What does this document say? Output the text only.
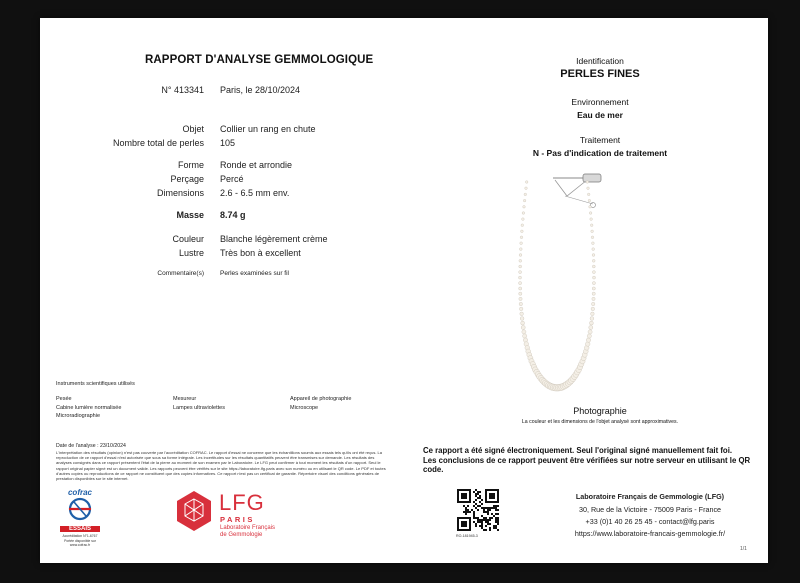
RAPPORT D'ANALYSE GEMMOLOGIQUE
N° 413341 Paris, le 28/10/2024
Objet Collier un rang en chute
Nombre total de perles 105
Forme Ronde et arrondie
Perçage Percé
Dimensions 2.6 - 6.5 mm env.
Masse 8.74 g
Couleur Blanche légèrement crème
Lustre Très bon à excellent
Commentaire(s) Perles examinées sur fil
Instruments scientifiques utilisés
Pesée
Cabine lumière normalisée
Microradiographie
Mesureur
Lampes ultraviolettes
Appareil de photographie
Microscope
Date de l'analyse : 23/10/2024
L'interprétation des résultats (opinion) n'est pas couverte par l'accréditation COFRAC. Le rapport d'essai ne concerne que les échantillons soumis aux essais tels qu'ils ont été reçus. La reproduction de ce rapport d'essai n'est autorisée que sous sa forme intégrale. Les incertitudes sur les résultats quantitatifs peuvent être transmises sur demande. Les résultats des analyses consignés dans ce rapport présentent l'état de la pierre au moment de son examen par le Laboratoire. Le LFG peut confirmer à tout moment les résultats d'un rapport. Seul le rapport original papier signé est un document valide. Les rapports peuvent être vérifiés sur le site https://laboratoire.lfg.paris avec son numéro ou en utilisant le QR code. Le PDF et toutes d'autres copies ou reproductions de ce rapport ne constituent que des copies informatives. Ce rapport n'est pas un certificat de garantie. Répertoire visuel des conditions générales de prestation disponibles sur le site internet.
Identification
PERLES FINES
Environnement
Eau de mer
Traitement
N - Pas d'indication de traitement
Photographie
La couleur et les dimensions de l'objet analysé sont approximatives.
Ce rapport a été signé électroniquement. Seul l'original signé manuellement fait foi.
Les conclusions de ce rapport peuvent être vérifiées sur notre serveur en utilisant le QR code.
cofrac
ESSAIS
Accréditation N°1-6767
Portée disponible sur
www.cofrac.fr
LFG
PARIS
Laboratoire Français
de Gemmologie	RO-181945-3
Laboratoire Français de Gemmologie (LFG)
30, Rue de la Victoire - 75009 Paris - France
+33 (0)1 40 26 25 45 - contact@lfg.paris
https://www.laboratoire-francais-gemmologie.fr/
1/1
